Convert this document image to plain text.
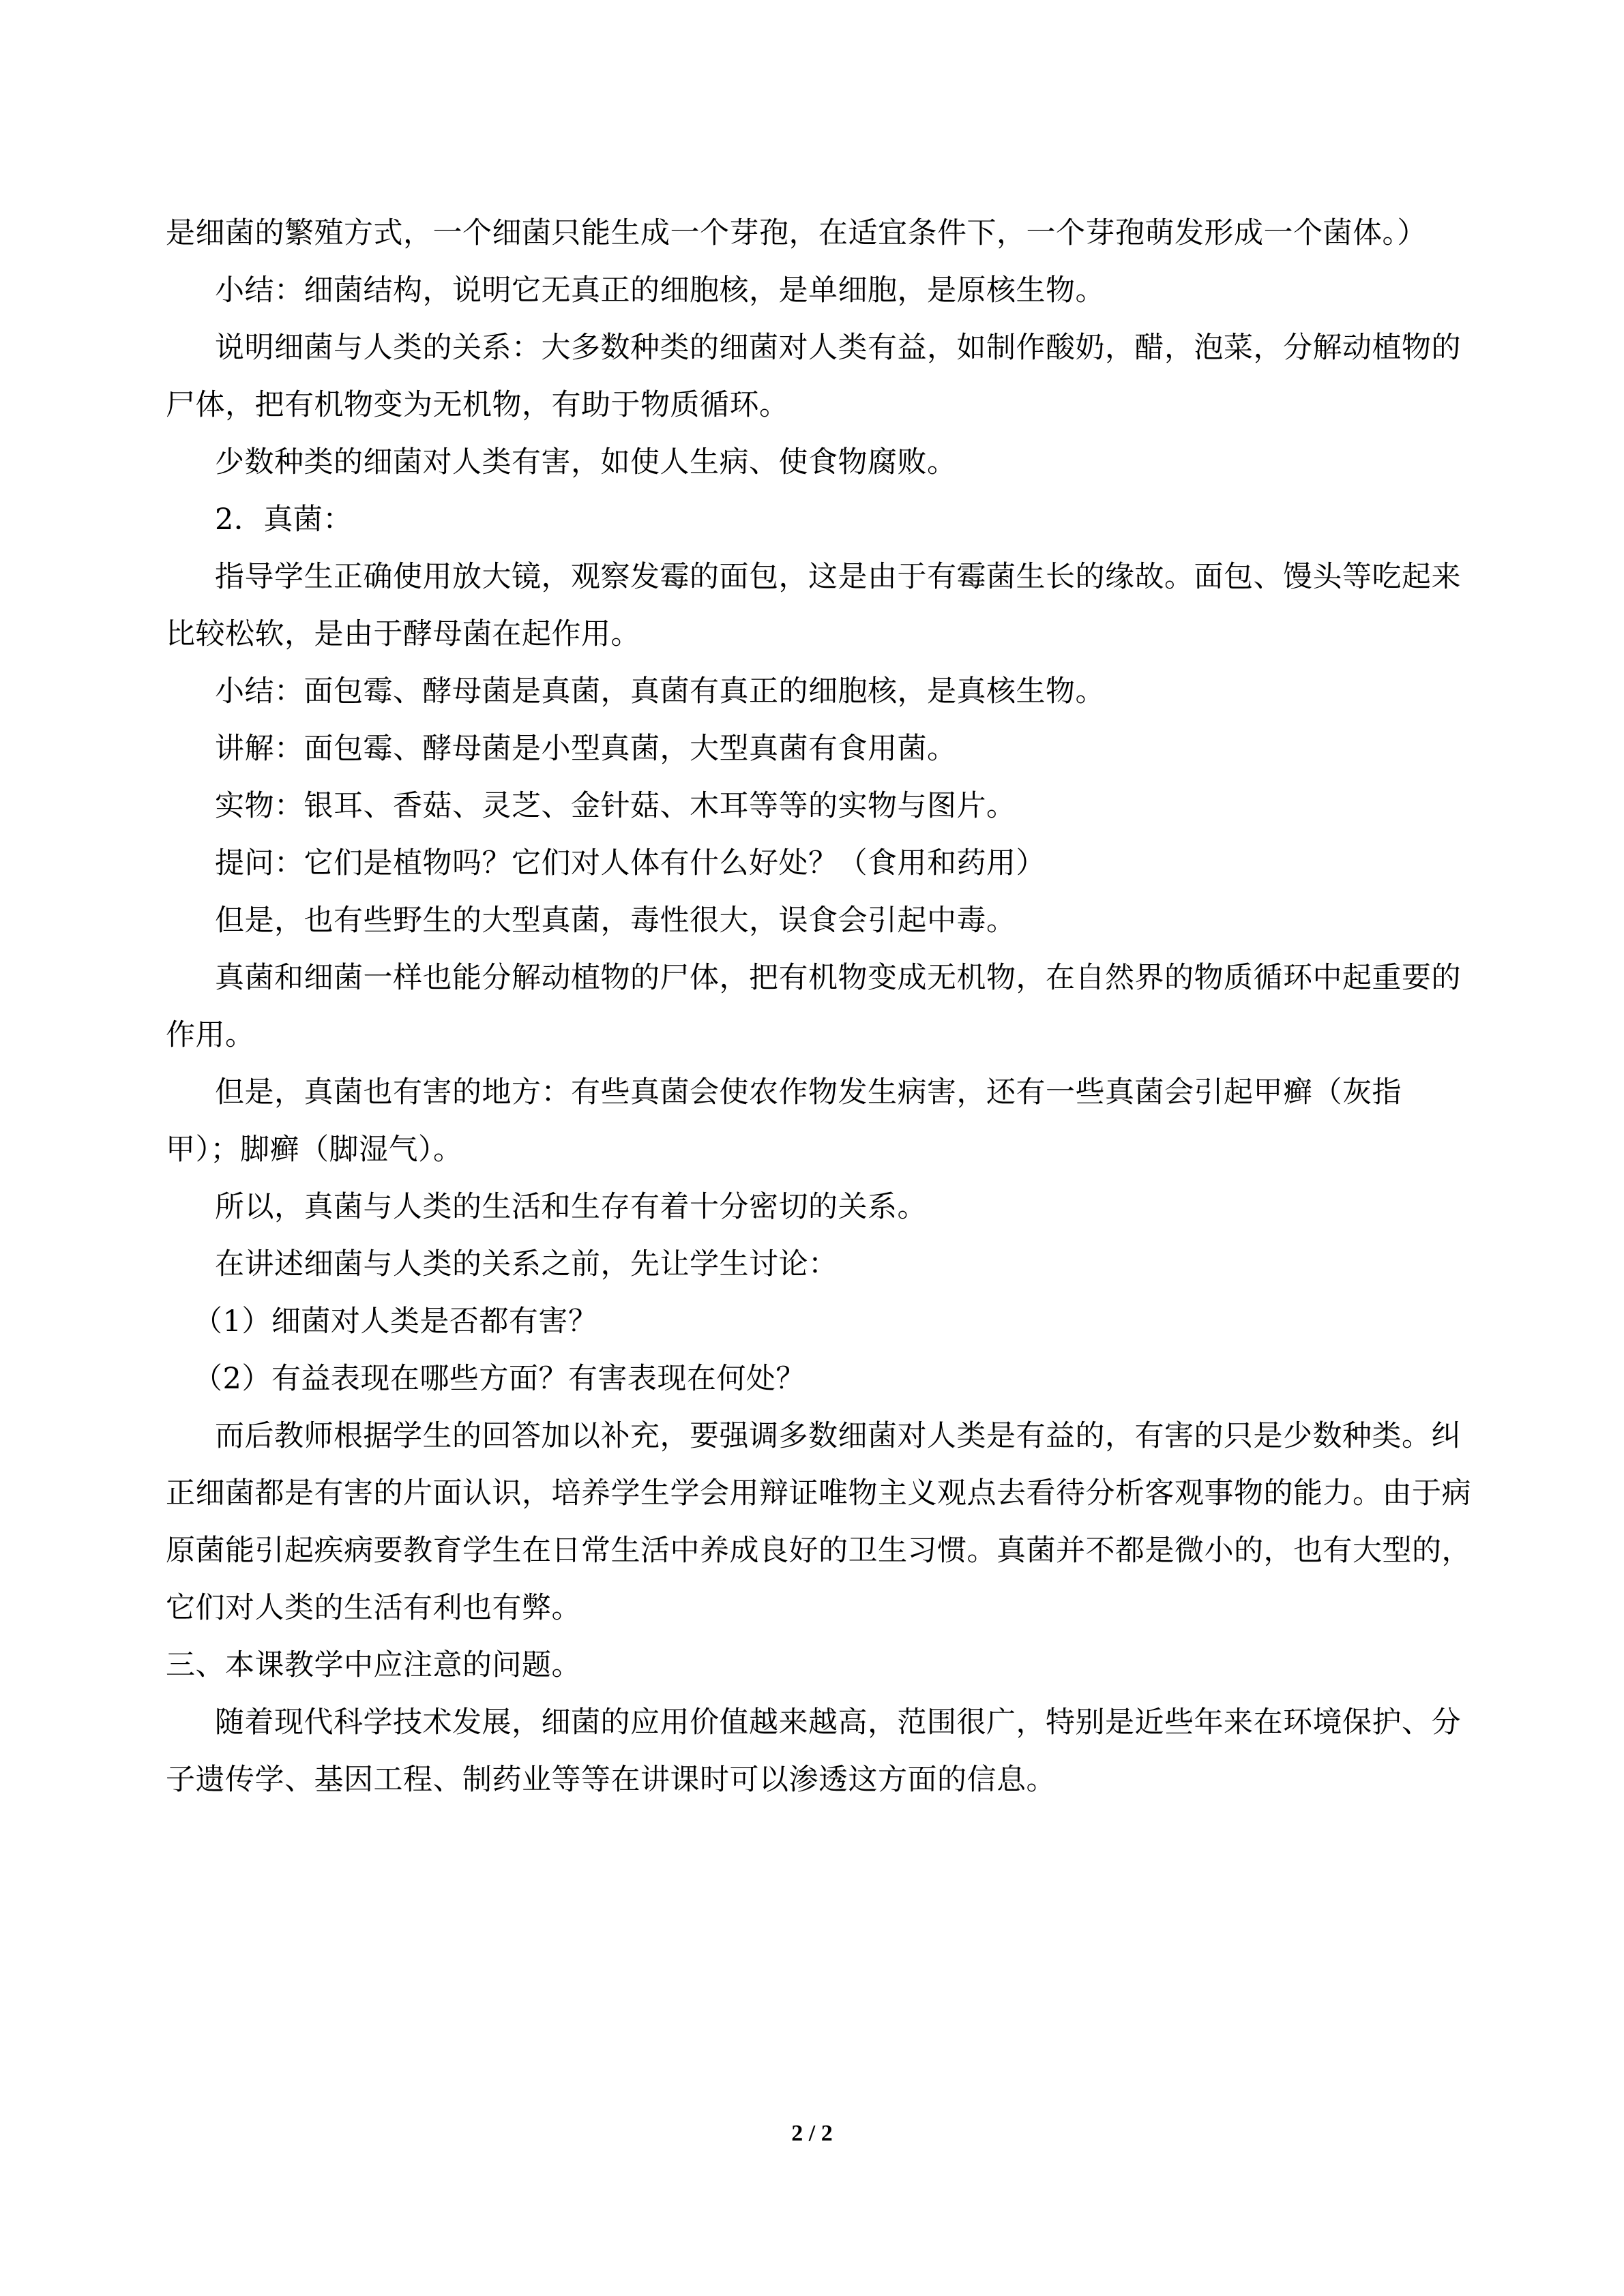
是细菌的繁殖方式，一个细菌只能生成一个芽孢，在适宜条件下，一个芽孢萌发形成一个菌体。）

小结：细菌结构，说明它无真正的细胞核，是单细胞，是原核生物。

说明细菌与人类的关系：大多数种类的细菌对人类有益，如制作酸奶，醋，泡菜，分解动植物的尸体，把有机物变为无机物，有助于物质循环。

少数种类的细菌对人类有害，如使人生病、使食物腐败。

2．真菌：

指导学生正确使用放大镜，观察发霉的面包，这是由于有霉菌生长的缘故。面包、馒头等吃起来比较松软，是由于酵母菌在起作用。

小结：面包霉、酵母菌是真菌，真菌有真正的细胞核，是真核生物。

讲解：面包霉、酵母菌是小型真菌，大型真菌有食用菌。

实物：银耳、香菇、灵芝、金针菇、木耳等等的实物与图片。

提问：它们是植物吗？它们对人体有什么好处？（食用和药用）

但是，也有些野生的大型真菌，毒性很大，误食会引起中毒。

真菌和细菌一样也能分解动植物的尸体，把有机物变成无机物，在自然界的物质循环中起重要的作用。

但是，真菌也有害的地方：有些真菌会使农作物发生病害，还有一些真菌会引起甲癣（灰指甲）；脚癣（脚湿气）。

所以，真菌与人类的生活和生存有着十分密切的关系。

在讲述细菌与人类的关系之前，先让学生讨论：

（1）细菌对人类是否都有害？

（2）有益表现在哪些方面？有害表现在何处？

而后教师根据学生的回答加以补充，要强调多数细菌对人类是有益的，有害的只是少数种类。纠正细菌都是有害的片面认识，培养学生学会用辩证唯物主义观点去看待分析客观事物的能力。由于病原菌能引起疾病要教育学生在日常生活中养成良好的卫生习惯。真菌并不都是微小的，也有大型的，它们对人类的生活有利也有弊。

三、本课教学中应注意的问题。

随着现代科学技术发展，细菌的应用价值越来越高，范围很广，特别是近些年来在环境保护、分子遗传学、基因工程、制药业等等在讲课时可以渗透这方面的信息。

2 / 2
